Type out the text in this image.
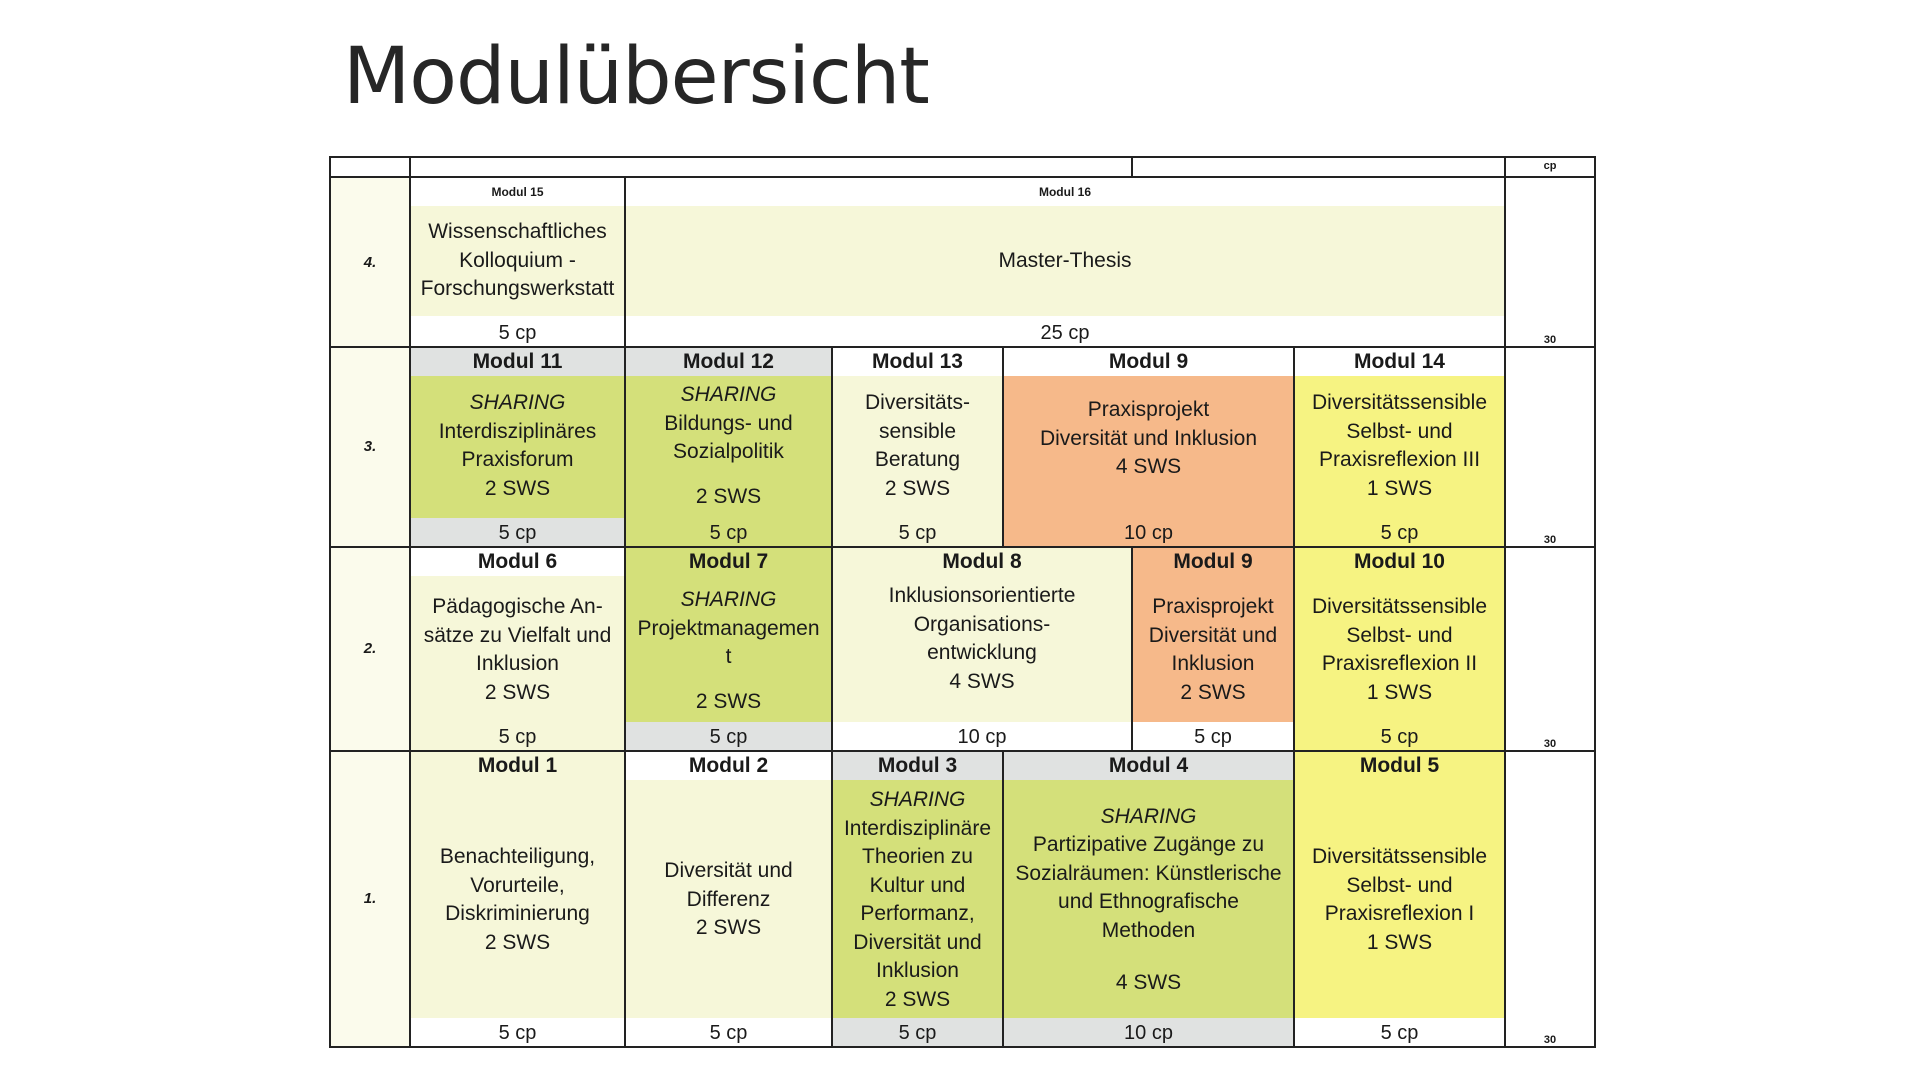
Modulübersicht
cp
4.
3.
2.
1.
30
30
30
30
Modul 15
Wissenschaftliches
Kolloquium -
Forschungswerkstatt
5 cp
Modul 16
Master-Thesis
25 cp
Modul 11
SHARING
Interdisziplinäres
Praxisforum
2 SWS
5 cp
Modul 12
SHARING
Bildungs- und
Sozialpolitik
2 SWS
5 cp
Modul 13
Diversitäts-
sensible
Beratung
2 SWS
5 cp
Modul 9
Praxisprojekt
Diversität und Inklusion
4 SWS
10 cp
Modul 14
Diversitätssensible
Selbst- und
Praxisreflexion III
1 SWS
5 cp
Modul 6
Pädagogische An-
sätze zu Vielfalt und
Inklusion
2 SWS
5 cp
Modul 7
SHARING
Projektmanagemen
t
2 SWS
5 cp
Modul 8
Inklusionsorientierte
Organisations-
entwicklung
4 SWS
10 cp
Modul 9
Praxisprojekt
Diversität und
Inklusion
2 SWS
5 cp
Modul 10
Diversitätssensible
Selbst- und
Praxisreflexion II
1 SWS
5 cp
Modul 1
Benachteiligung,
Vorurteile,
Diskriminierung
2 SWS
5 cp
Modul 2
Diversität und
Differenz
2 SWS
5 cp
Modul 3
SHARING
Interdisziplinäre
Theorien zu
Kultur und
Performanz,
Diversität und
Inklusion
2 SWS
5 cp
Modul 4
SHARING
Partizipative Zugänge zu
Sozialräumen: Künstlerische
und Ethnografische
Methoden
4 SWS
10 cp
Modul 5
Diversitätssensible
Selbst- und
Praxisreflexion I
1 SWS
5 cp
